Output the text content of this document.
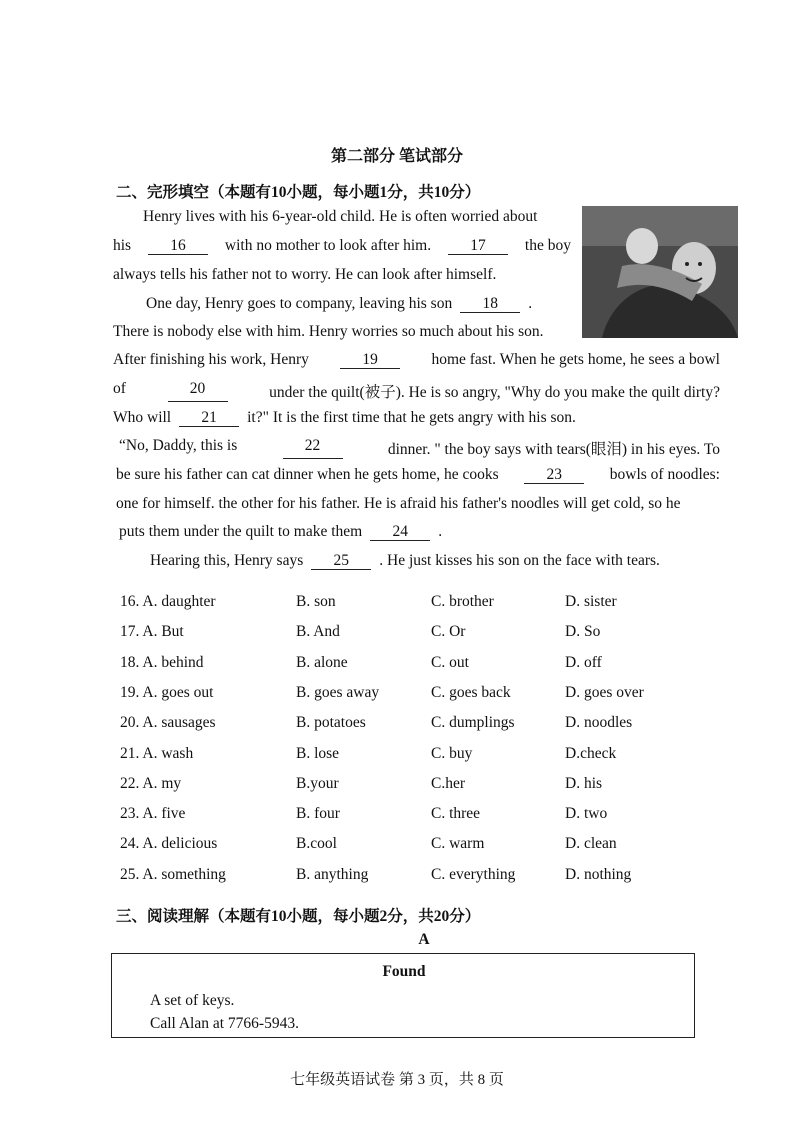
第二部分 笔试部分
二、完形填空（本题有10小题，每小题1分，共10分）
Henry lives with his 6-year-old child. He is often worried about
his	16	with no mother to look after him.	17	the boy
always tells his father not to worry. He can look after himself.
One day, Henry goes to company, leaving his son	18	.
There is nobody else with him. Henry worries so much about his son.
After finishing his work, Henry	19	home fast. When he gets home, he sees a bowl
of	20	under the quilt(被子). He is so angry, "Why do you make the quilt dirty?
Who will	21	it?" It is the first time that he gets angry with his son.
“No, Daddy, this is	22	dinner. " the boy says with tears(眼泪) in his eyes. To
be sure his father can cat dinner when he gets home, he cooks	23	bowls of noodles:
one for himself. the other for his father. He is afraid his father's noodles will get cold, so he
puts them under the quilt to make them	24	.
Hearing this, Henry says	25	. He just kisses his son on the face with tears.
16. A. daughter	B. son	C. brother	D. sister
17. A. But	B. And	C. Or	D. So
18. A. behind	B. alone	C. out	D. off
19. A. goes out	B. goes away	C. goes back	D. goes over
20. A. sausages	B. potatoes	C. dumplings	D. noodles
21. A. wash	B. lose	C. buy	D.check
22. A. my	B.your	C.her	D. his
23. A. five	B. four	C. three	D. two
24. A. delicious	B.cool	C. warm	D. clean
25. A. something	B. anything	C. everything	D. nothing
三、阅读理解（本题有10小题，每小题2分，共20分）
A
Found
A set of keys.
Call Alan at 7766-5943.
七年级英语试卷 第 3 页，共 8 页
